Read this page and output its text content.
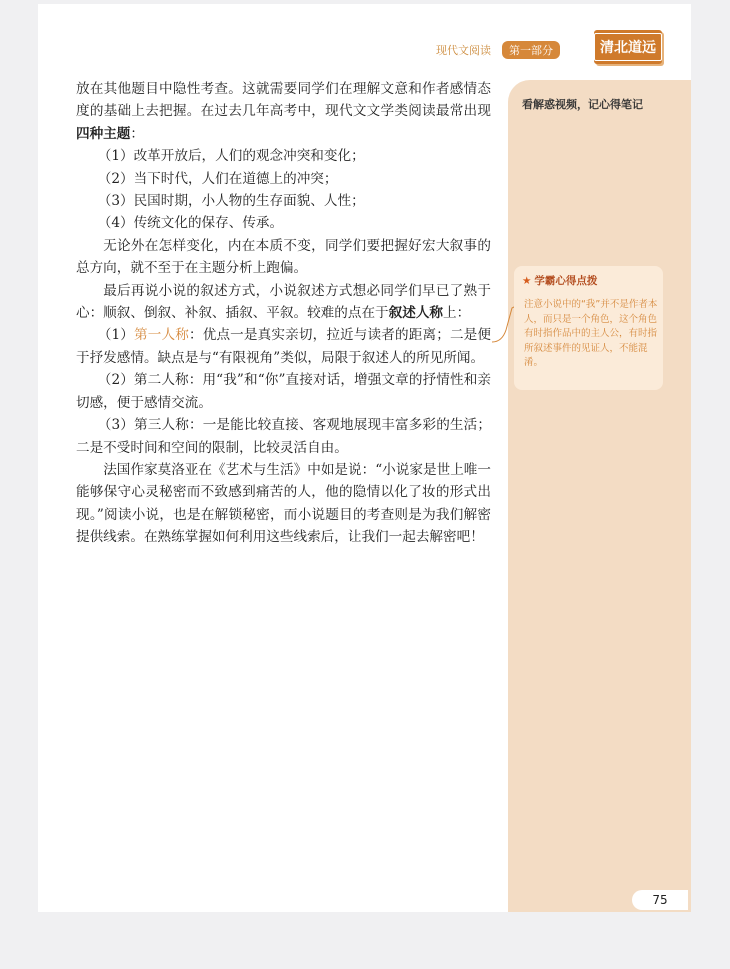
现代文阅读	第一部分	清北道远

放在其他题目中隐性考查。这就需要同学们在理解文意和作者感情态度的基础上去把握。在过去几年高考中，现代文文学类阅读最常出现四种主题：

（1）改革开放后，人们的观念冲突和变化；

（2）当下时代，人们在道德上的冲突；

（3）民国时期，小人物的生存面貌、人性；

（4）传统文化的保存、传承。

无论外在怎样变化，内在本质不变，同学们要把握好宏大叙事的总方向，就不至于在主题分析上跑偏。

最后再说小说的叙述方式，小说叙述方式想必同学们早已了熟于心：顺叙、倒叙、补叙、插叙、平叙。较难的点在于叙述人称上：

（1）第一人称：优点一是真实亲切，拉近与读者的距离；二是便于抒发感情。缺点是与“有限视角”类似，局限于叙述人的所见所闻。

（2）第二人称：用“我”和“你”直接对话，增强文章的抒情性和亲切感，便于感情交流。

（3）第三人称：一是能比较直接、客观地展现丰富多彩的生活；二是不受时间和空间的限制，比较灵活自由。

法国作家莫洛亚在《艺术与生活》中如是说：“小说家是世上唯一能够保守心灵秘密而不致感到痛苦的人，他的隐情以化了妆的形式出现。”阅读小说，也是在解锁秘密，而小说题目的考查则是为我们解密提供线索。在熟练掌握如何利用这些线索后，让我们一起去解密吧！

看解惑视频，记心得笔记
★ 学霸心得点拨
注意小说中的“我”并不是作者本人，而只是一个角色，这个角色有时指作品中的主人公，有时指所叙述事件的见证人，不能混淆。
75
